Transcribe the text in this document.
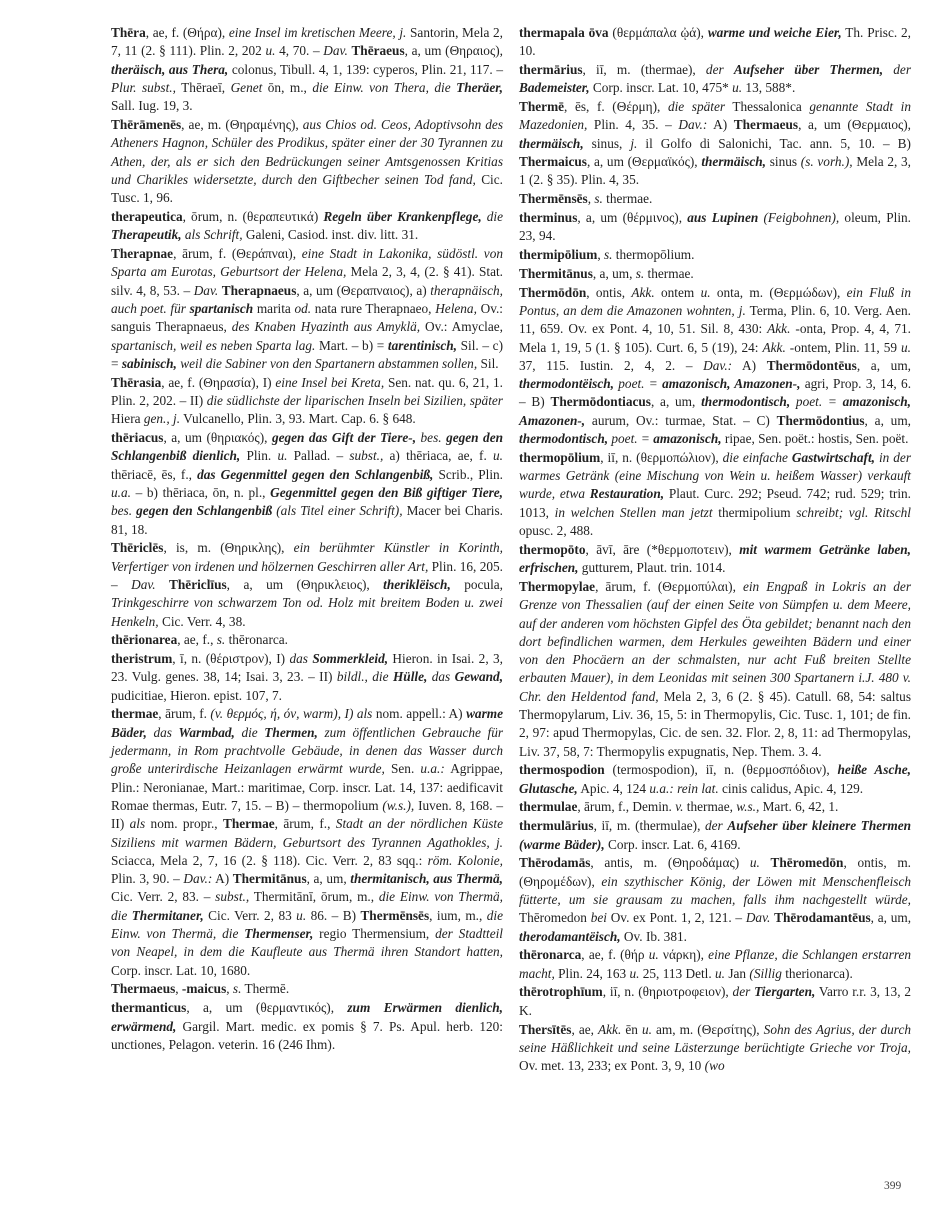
Thēra, ae, f. (Θήρα), eine Insel im kretischen Meere, j. Santorin, Mela 2, 7, 11 (2. § 111). Plin. 2, 202 u. 4, 70. – Dav. Thēraeus, a, um (Θηραιος), theräisch, aus Thera, colonus, Tibull. 4, 1, 139: cyperos, Plin. 21, 117. – Plur. subst., Thēraeī, Genet ōn, m., die Einw. von Thera, die Theräer, Sall. Iug. 19, 3.

Thērāmenēs, ae, m. (Θηραμένης), aus Chios od. Ceos, Adoptivsohn des Atheners Hagnon, Schüler des Prodikus, später einer der 30 Tyrannen zu Athen, der, als er sich den Bedrückungen seiner Amtsgenossen Kritias und Charikles widersetzte, durch den Giftbecher seinen Tod fand, Cic. Tusc. 1, 96.

therapeutica, ōrum, n. (θεραπευτικά) Regeln über Krankenpflege, die Therapeutik, als Schrift, Galeni, Casiod. inst. div. litt. 31.

Therapnae, ārum, f. (Θεράπναι), eine Stadt in Lakonika, südöstl. von Sparta am Eurotas, Geburtsort der Helena, Mela 2, 3, 4, (2. § 41). Stat. silv. 4, 8, 53. – Dav. Therapnaeus, a, um (Θεραπναιος), a) therapnäisch, auch poet. für spartanisch marita od. nata rure Therapnaeo, Helena, Ov.: sanguis Therapnaeus, des Knaben Hyazinth aus Amyklä, Ov.: Amyclae, spartanisch, weil es neben Sparta lag. Mart. – b) = tarentinisch, Sil. – c) = sabinisch, weil die Sabiner von den Spartanern abstammen sollen, Sil.

Thērasia, ae, f. (Θηρασία), I) eine Insel bei Kreta, Sen. nat. qu. 6, 21, 1. Plin. 2, 202. – II) die südlichste der liparischen Inseln bei Sizilien, später Hiera gen., j. Vulcanello, Plin. 3, 93. Mart. Cap. 6. § 648.

thēriacus, a, um (θηριακός), gegen das Gift der Tiere-, bes. gegen den Schlangenbiß dienlich, Plin. u. Pallad. – subst., a) thēriaca, ae, f. u. thēriacē, ēs, f., das Gegenmittel gegen den Schlangenbiß, Scrib., Plin. u.a. – b) thēriaca, ōn, n. pl., Gegenmittel gegen den Biß giftiger Tiere, bes. gegen den Schlangenbiß (als Titel einer Schrift), Macer bei Charis. 81, 18.

Thēriclēs, is, m. (Θηρικλης), ein berühmter Künstler in Korinth, Verfertiger von irdenen und hölzernen Geschirren aller Art, Plin. 16, 205. – Dav. Thēriclīus, a, um (Θηρικλειος), theriklëisch, pocula, Trinkgeschirre von schwarzem Ton od. Holz mit breitem Boden u. zwei Henkeln, Cic. Verr. 4, 38.

thērionarea, ae, f., s. thēronarca.

theristrum, ī, n. (θέριστρον), I) das Sommerkleid, Hieron. in Isai. 2, 3, 23. Vulg. genes. 38, 14; Isai. 3, 23. – II) bildl., die Hülle, das Gewand, pudicitiae, Hieron. epist. 107, 7.

thermae, ārum, f. (v. θερμός, ή, όν, warm), I) als nom. appell.: A) warme Bäder, das Warmbad, die Thermen, zum öffentlichen Gebrauche für jedermann, in Rom prachtvolle Gebäude, in denen das Wasser durch große unterirdische Heizanlagen erwärmt wurde, Sen. u.a.: Agrippae, Plin.: Neronianae, Mart.: maritimae, Corp. inscr. Lat. 14, 137: aedificavit Romae thermas, Eutr. 7, 15. – B) – thermopolium (w.s.), Iuven. 8, 168. – II) als nom. propr., Thermae, ārum, f., Stadt an der nördlichen Küste Siziliens mit warmen Bädern, Geburtsort des Tyrannen Agathokles, j. Sciacca, Mela 2, 7, 16 (2. § 118). Cic. Verr. 2, 83 sqq.: röm. Kolonie, Plin. 3, 90. – Dav.: A) Thermitānus, a, um, thermitanisch, aus Thermä, Cic. Verr. 2, 83. – subst., Thermitānī, ōrum, m., die Einw. von Thermä, die Thermitaner, Cic. Verr. 2, 83 u. 86. – B) Thermēnsēs, ium, m., die Einw. von Thermä, die Thermenser, regio Thermensium, der Stadtteil von Neapel, in dem die Kaufleute aus Thermä ihren Standort hatten, Corp. inscr. Lat. 10, 1680.

Thermaeus, -maicus, s. Thermē.

thermanticus, a, um (θερμαντικός), zum Erwärmen dienlich, erwärmend, Gargil. Mart. medic. ex pomis § 7. Ps. Apul. herb. 120: unctiones, Pelagon. veterin. 16 (246 Ihm).

thermapala ōva (θερμάπαλα ᾠά), warme und weiche Eier, Th. Prisc. 2, 10.

thermārius, iī, m. (thermae), der Aufseher über Thermen, der Bademeister, Corp. inscr. Lat. 10, 475* u. 13, 588*.

Thermē, ēs, f. (Θέρμη), die später Thessalonica genannte Stadt in Mazedonien, Plin. 4, 35. – Dav.: A) Thermaeus, a, um (Θερμαιος), thermäisch, sinus, j. il Golfo di Salonichi, Tac. ann. 5, 10. – B) Thermaicus, a, um (Θερμαϊκός), thermäisch, sinus (s. vorh.), Mela 2, 3, 1 (2. § 35). Plin. 4, 35.

Thermēnsēs, s. thermae.

therminus, a, um (θέρμινος), aus Lupinen (Feigbohnen), oleum, Plin. 23, 94.

thermipōlium, s. thermopōlium.

Thermitānus, a, um, s. thermae.

Thermōdōn, ontis, Akk. ontem u. onta, m. (Θερμώδων), ein Fluß in Pontus, an dem die Amazonen wohnten, j. Terma, Plin. 6, 10. Verg. Aen. 11, 659. Ov. ex Pont. 4, 10, 51. Sil. 8, 430: Akk. -onta, Prop. 4, 4, 71. Mela 1, 19, 5 (1. § 105). Curt. 6, 5 (19), 24: Akk. -ontem, Plin. 11, 59 u. 37, 115. Iustin. 2, 4, 2. – Dav.: A) Thermōdontēus, a, um, thermodontëisch, poet. = amazonisch, Amazonen-, agri, Prop. 3, 14, 6. – B) Thermōdontiacus, a, um, thermodontisch, poet. = amazonisch, Amazonen-, aurum, Ov.: turmae, Stat. – C) Thermōdontius, a, um, thermodontisch, poet. = amazonisch, ripae, Sen. poët.: hostis, Sen. poët.

thermopōlium, iī, n. (θερμοπώλιον), die einfache Gastwirtschaft, in der warmes Getränk (eine Mischung von Wein u. heißem Wasser) verkauft wurde, etwa Restauration, Plaut. Curc. 292; Pseud. 742; rud. 529; trin. 1013, in welchen Stellen man jetzt thermipolium schreibt; vgl. Ritschl opusc. 2, 488.

thermopōto, āvī, āre (*θερμοποτειν), mit warmem Getränke laben, erfrischen, gutturem, Plaut. trin. 1014.

Thermopylae, ārum, f. (Θερμοπύλαι), ein Engpaß in Lokris an der Grenze von Thessalien (auf der einen Seite von Sümpfen u. dem Meere, auf der anderen vom höchsten Gipfel des Öta gebildet; benannt nach den dort befindlichen warmen, dem Herkules geweihten Bädern und einer von den Phocäern an der schmalsten, nur acht Fuß breiten Stellte erbauten Mauer), in dem Leonidas mit seinen 300 Spartanern i.J. 480 v. Chr. den Heldentod fand, Mela 2, 3, 6 (2. § 45). Catull. 68, 54: saltus Thermopylarum, Liv. 36, 15, 5: in Thermopylis, Cic. Tusc. 1, 101; de fin. 2, 97: apud Thermopylas, Cic. de sen. 32. Flor. 2, 8, 11: ad Thermopylas, Liv. 37, 58, 7: Thermopylis expugnatis, Nep. Them. 3. 4.

thermospodion (termospodion), iī, n. (θερμοσπόδιον), heiße Asche, Glutasche, Apic. 4, 124 u.a.: rein lat. cinis calidus, Apic. 4, 129.

thermulae, ārum, f., Demin. v. thermae, w.s., Mart. 6, 42, 1.

thermulārius, iī, m. (thermulae), der Aufseher über kleinere Thermen (warme Bäder), Corp. inscr. Lat. 6, 4169.

Thērodamās, antis, m. (Θηροδάμας) u. Thēromedōn, ontis, m. (Θηρομέδων), ein szythischer König, der Löwen mit Menschenfleisch fütterte, um sie grausam zu machen, falls ihm nachgestellt würde, Thēromedon bei Ov. ex Pont. 1, 2, 121. – Dav. Thērodamantēus, a, um, therodamantëisch, Ov. Ib. 381.

thēronarca, ae, f. (θήρ u. νάρκη), eine Pflanze, die Schlangen erstarren macht, Plin. 24, 163 u. 25, 113 Detl. u. Jan (Sillig therionarca).

thērotrophīum, iī, n. (θηριοτροφειον), der Tiergarten, Varro r.r. 3, 13, 2 K.

Thersītēs, ae, Akk. ēn u. am, m. (Θερσίτης), Sohn des Agrius, der durch seine Häßlichkeit und seine Lästerzunge berüchtigte Grieche vor Troja, Ov. met. 13, 233; ex Pont. 3, 9, 10 (wo

399
